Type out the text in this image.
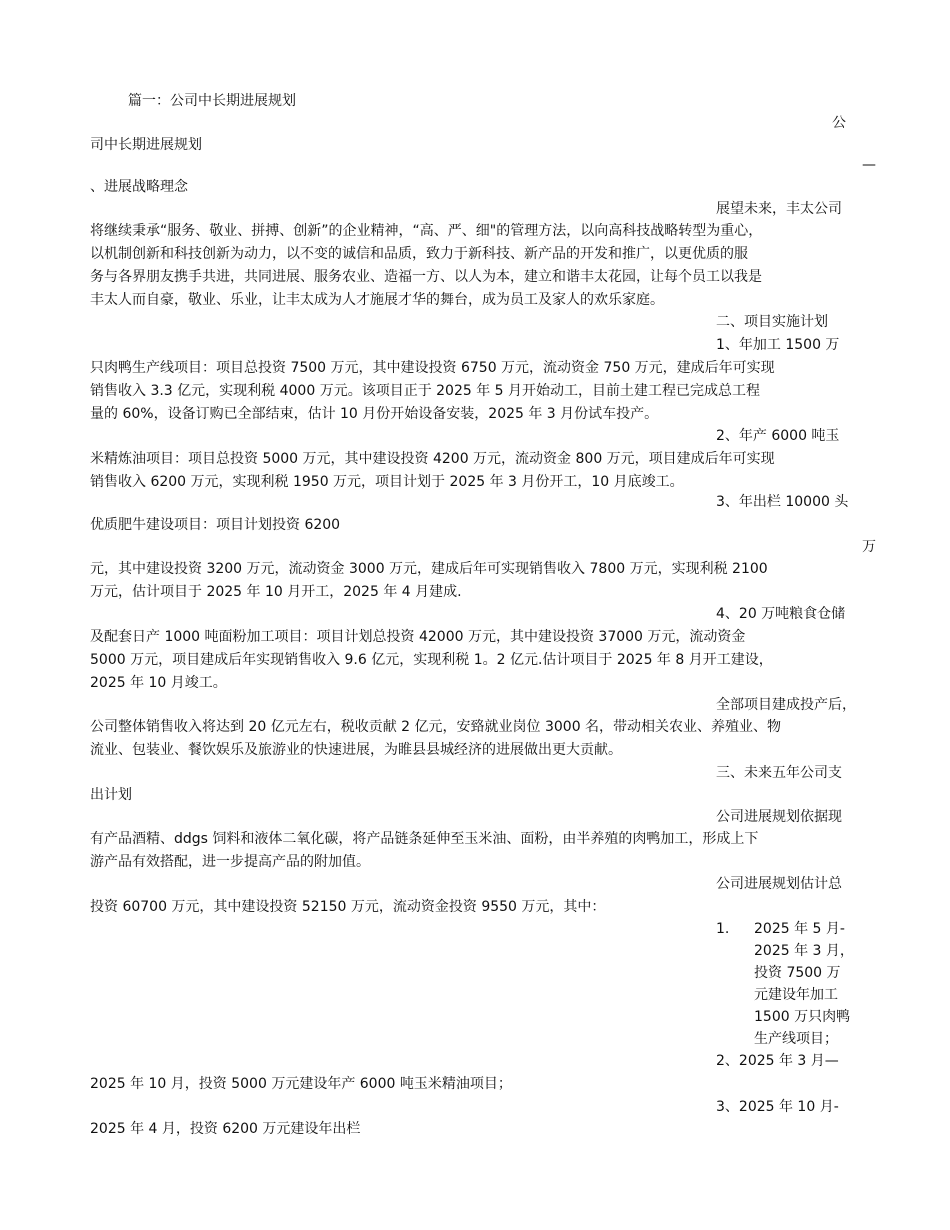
篇一：公司中长期进展规划
公
司中长期进展规划
—
、进展战略理念
展望未来，丰太公司
将继续秉承“服务、敬业、拼搏、创新”的企业精神，“高、严、细"的管理方法，以向高科技战略转型为重心，
以机制创新和科技创新为动力，以不变的诚信和品质，致力于新科技、新产品的开发和推广，以更优质的服
务与各界朋友携手共进，共同进展、服务农业、造福一方、以人为本，建立和谐丰太花园，让每个员工以我是
丰太人而自豪，敬业、乐业，让丰太成为人才施展才华的舞台，成为员工及家人的欢乐家庭。
二、项目实施计划
1、年加工 1500 万
只肉鸭生产线项目：项目总投资 7500 万元，其中建设投资 6750 万元，流动资金 750 万元，建成后年可实现
销售收入 3.3 亿元，实现利税 4000 万元。该项目正于 2025 年 5 月开始动工，目前土建工程已完成总工程
量的 60%，设备订购已全部结束，估计 10 月份开始设备安装，2025 年 3 月份试车投产。
2、年产 6000 吨玉
米精炼油项目：项目总投资 5000 万元，其中建设投资 4200 万元，流动资金 800 万元，项目建成后年可实现
销售收入 6200 万元，实现利税 1950 万元，项目计划于 2025 年 3 月份开工，10 月底竣工。
3、年出栏 10000 头
优质肥牛建设项目：项目计划投资 6200
万
元，其中建设投资 3200 万元，流动资金 3000 万元，建成后年可实现销售收入 7800 万元，实现利税 2100
万元，估计项目于 2025 年 10 月开工，2025 年 4 月建成.
4、20 万吨粮食仓储
及配套日产 1000 吨面粉加工项目：项目计划总投资 42000 万元，其中建设投资 37000 万元，流动资金
5000 万元，项目建成后年实现销售收入 9.6 亿元，实现利税 1。2 亿元.估计项目于 2025 年 8 月开工建设，
2025 年 10 月竣工。
全部项目建成投产后，
公司整体销售收入将达到 20 亿元左右，税收贡献 2 亿元，安臵就业岗位 3000 名，带动相关农业、养殖业、物
流业、包装业、餐饮娱乐及旅游业的快速进展，为睢县县城经济的进展做出更大贡献。
三、未来五年公司支
出计划
公司进展规划依据现
有产品酒精、ddgs 饲料和液体二氧化碳，将产品链条延伸至玉米油、面粉，由半养殖的肉鸭加工，形成上下
游产品有效搭配，进一步提高产品的附加值。
公司进展规划估计总
投资 60700 万元，其中建设投资 52150 万元，流动资金投资 9550 万元，其中：
1. 2025 年 5 月-
2025 年 3 月，
投资 7500 万
元建设年加工
1500 万只肉鸭
生产线项目；
2、2025 年 3 月—
2025 年 10 月，投资 5000 万元建设年产 6000 吨玉米精油项目；
3、2025 年 10 月-
2025 年 4 月，投资 6200 万元建设年出栏
